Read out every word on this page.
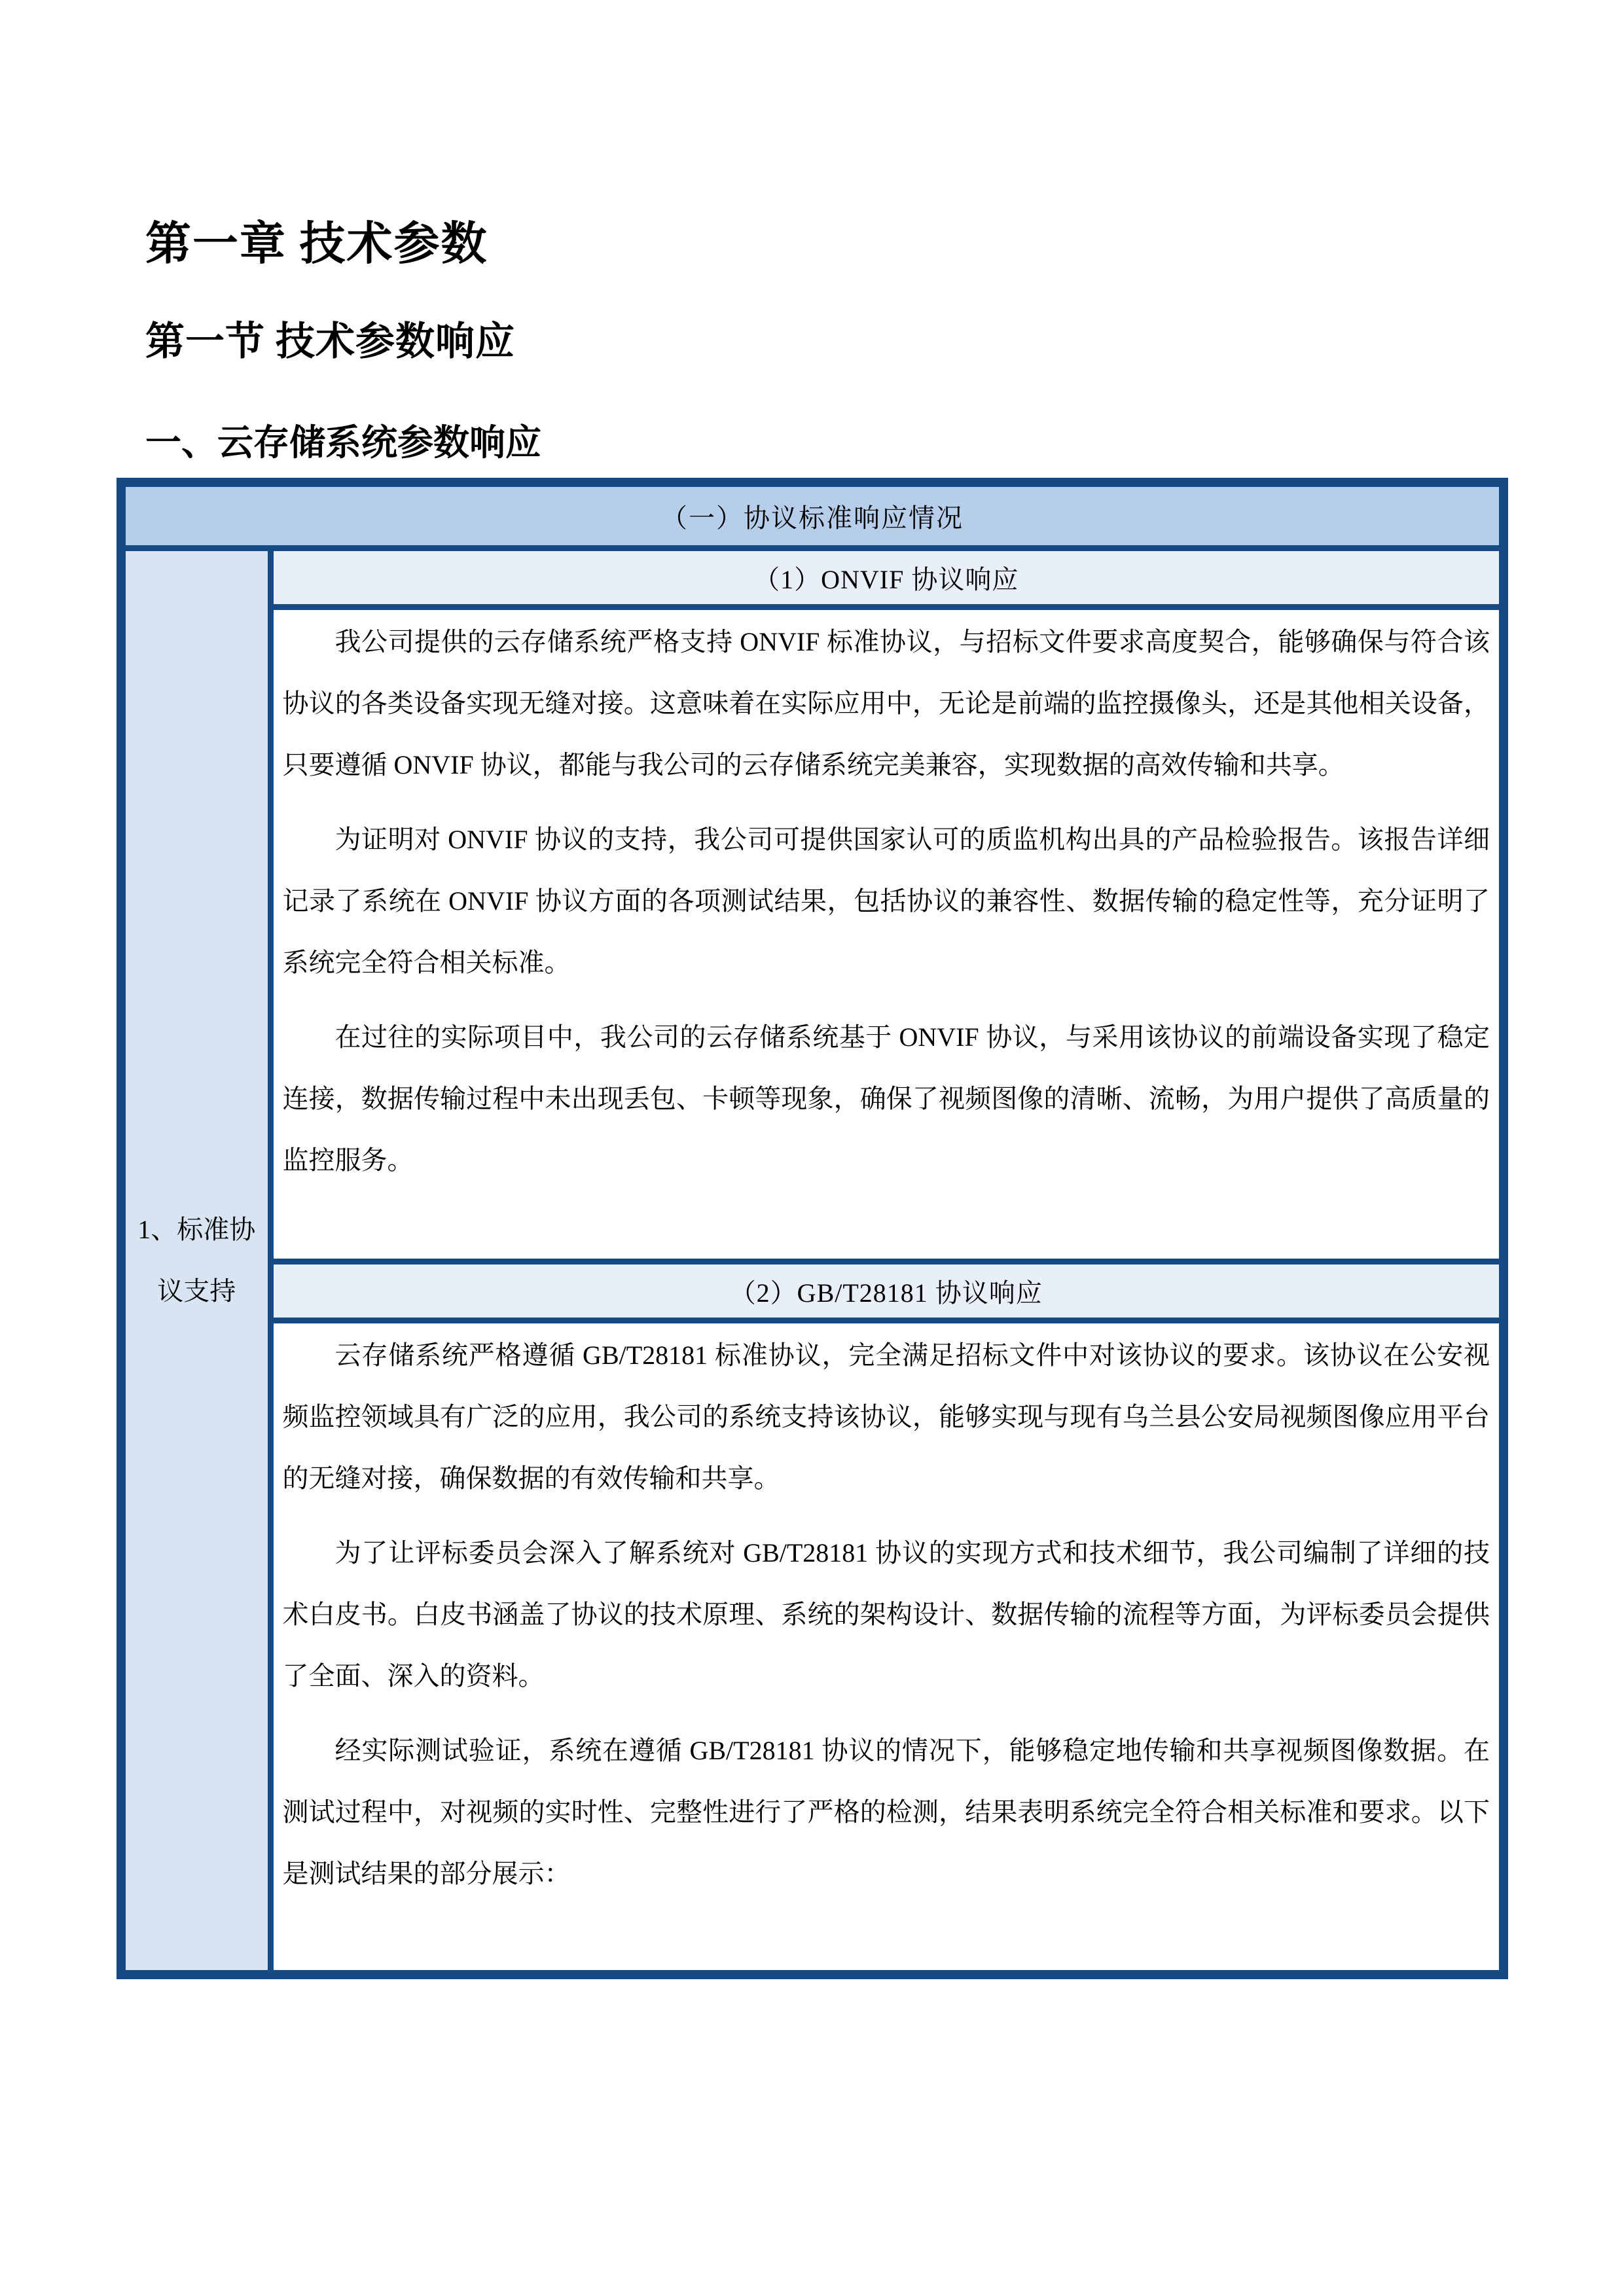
第一章 技术参数
第一节 技术参数响应
一、云存储系统参数响应
（一）协议标准响应情况
1、标准协议支持	（1）ONVIF 协议响应

我公司提供的云存储系统严格支持 ONVIF 标准协议，与招标文件要求高度契合，能够确保与符合该协议的各类设备实现无缝对接。这意味着在实际应用中，无论是前端的监控摄像头，还是其他相关设备，只要遵循 ONVIF 协议，都能与我公司的云存储系统完美兼容，实现数据的高效传输和共享。

为证明对 ONVIF 协议的支持，我公司可提供国家认可的质监机构出具的产品检验报告。该报告详细记录了系统在 ONVIF 协议方面的各项测试结果，包括协议的兼容性、数据传输的稳定性等，充分证明了系统完全符合相关标准。

在过往的实际项目中，我公司的云存储系统基于 ONVIF 协议，与采用该协议的前端设备实现了稳定连接，数据传输过程中未出现丢包、卡顿等现象，确保了视频图像的清晰、流畅，为用户提供了高质量的监控服务。

（2）GB/T28181 协议响应

云存储系统严格遵循 GB/T28181 标准协议，完全满足招标文件中对该协议的要求。该协议在公安视频监控领域具有广泛的应用，我公司的系统支持该协议，能够实现与现有乌兰县公安局视频图像应用平台的无缝对接，确保数据的有效传输和共享。

为了让评标委员会深入了解系统对 GB/T28181 协议的实现方式和技术细节，我公司编制了详细的技术白皮书。白皮书涵盖了协议的技术原理、系统的架构设计、数据传输的流程等方面，为评标委员会提供了全面、深入的资料。

经实际测试验证，系统在遵循 GB/T28181 协议的情况下，能够稳定地传输和共享视频图像数据。在测试过程中，对视频的实时性、完整性进行了严格的检测，结果表明系统完全符合相关标准和要求。以下是测试结果的部分展示：
